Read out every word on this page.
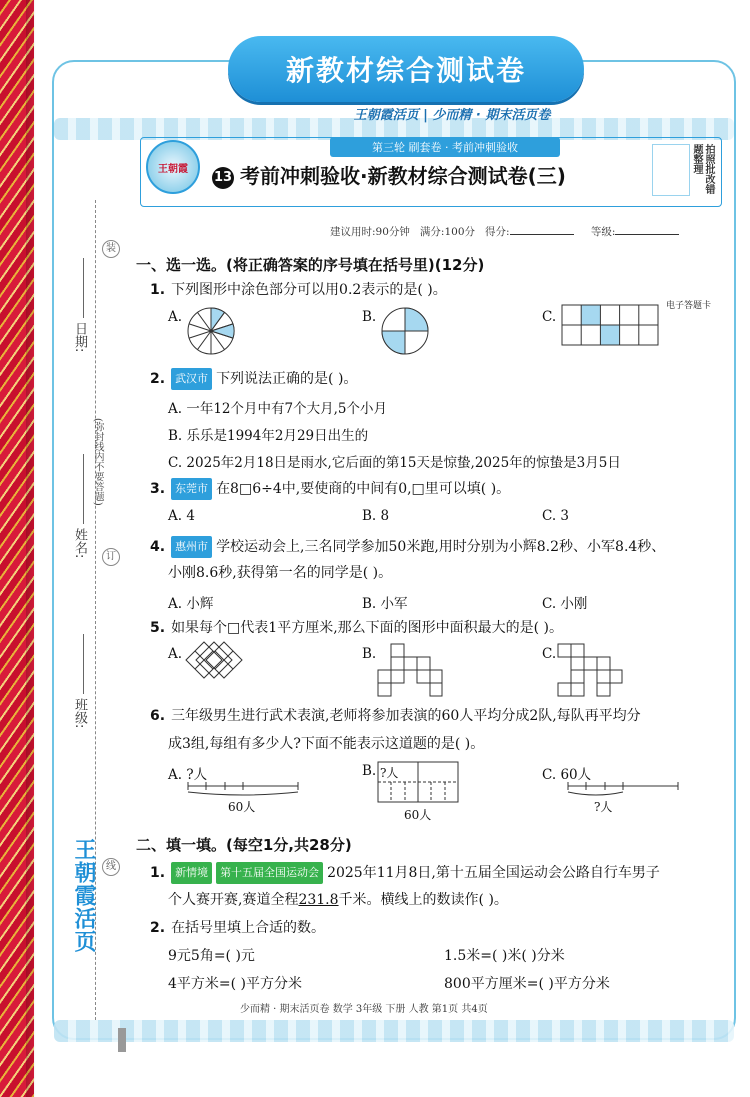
新教材综合测试卷
王朝霞活页 | 少而精 · 期末活页卷
第三轮 刷套卷 · 考前冲刺验收
王朝霞
13 考前冲刺验收·新教材综合测试卷(三)	拍照批改错题整理
建议用时:90分钟 满分:100分 得分:	等级:
装
订
线
日期:
姓名:
班级:
(弥封线内不要答题)
王朝霞活页
一、选一选。(将正确答案的序号填在括号里)(12分)
电子答题卡
1. 下列图形中涂色部分可以用0.2表示的是( )。
A.	B.	C.
2. 武汉市 下列说法正确的是( )。
A. 一年12个月中有7个大月,5个小月
B. 乐乐是1994年2月29日出生的
C. 2025年2月18日是雨水,它后面的第15天是惊蛰,2025年的惊蛰是3月5日
3. 东莞市 在8□6÷4中,要使商的中间有0,□里可以填( )。
A. 4	B. 8	C. 3
4. 惠州市 学校运动会上,三名同学参加50米跑,用时分别为小辉8.2秒、小军8.4秒、
小刚8.6秒,获得第一名的同学是( )。
A. 小辉	B. 小军	C. 小刚
5. 如果每个□代表1平方厘米,那么下面的图形中面积最大的是( )。
A.	B.	C.
6. 三年级男生进行武术表演,老师将参加表演的60人平均分成2队,每队再平均分
成3组,每组有多少人?下面不能表示这道题的是( )。
A. ?人
60人
B. ?人
60人
C. 60人
?人
二、填一填。(每空1分,共28分)
1. 新情境 第十五届全国运动会 2025年11月8日,第十五届全国运动会公路自行车男子
个人赛开赛,赛道全程231.8千米。横线上的数读作( )。
2. 在括号里填上合适的数。
9元5角=( )元	1.5米=( )米( )分米
4平方米=( )平方分米	800平方厘米=( )平方分米
少而精 · 期末活页卷 数学 3年级 下册 人教 第1页 共4页
